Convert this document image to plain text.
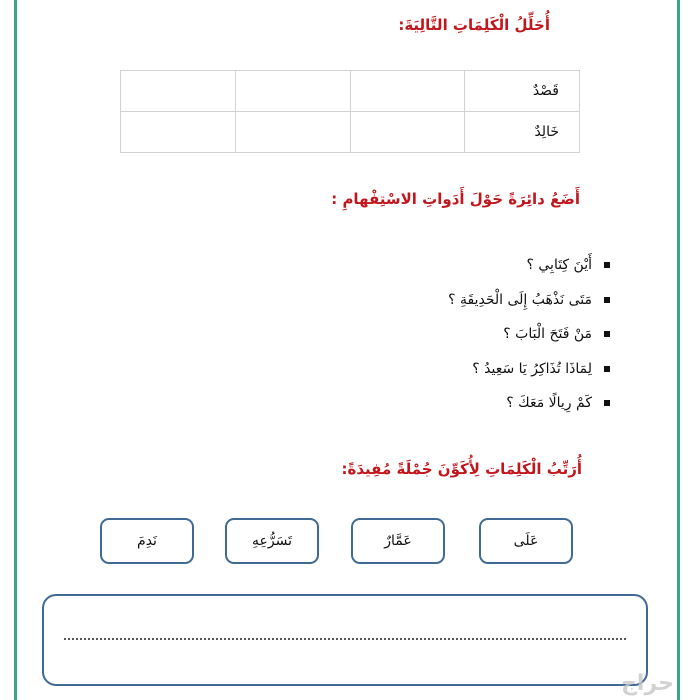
أُحَلِّلُ الْكَلِمَاتِ التَّالِيَةَ:
قَصْدٌ			
خَالِدٌ			
أَضَعُ دائِرَةً حَوْلَ أَدَواتِ الاسْتِفْهامِ :
أَيْنَ كِتَابِي ؟
مَتَى نَذْهَبُ إِلَى الْحَدِيقَةِ ؟
مَنْ فَتَحَ الْبَابَ ؟
لِمَاذَا تُذَاكِرُ يَا سَعِيدُ ؟
كَمْ رِيالًا مَعَكَ ؟
أُرَتِّبُ الْكَلِمَاتِ لِأُكَوِّنَ جُمْلَةً مُفِيدَةً:
عَلَى
عَمَّارٌ
تَسَرُّعِهِ
نَدِمَ
حراج
